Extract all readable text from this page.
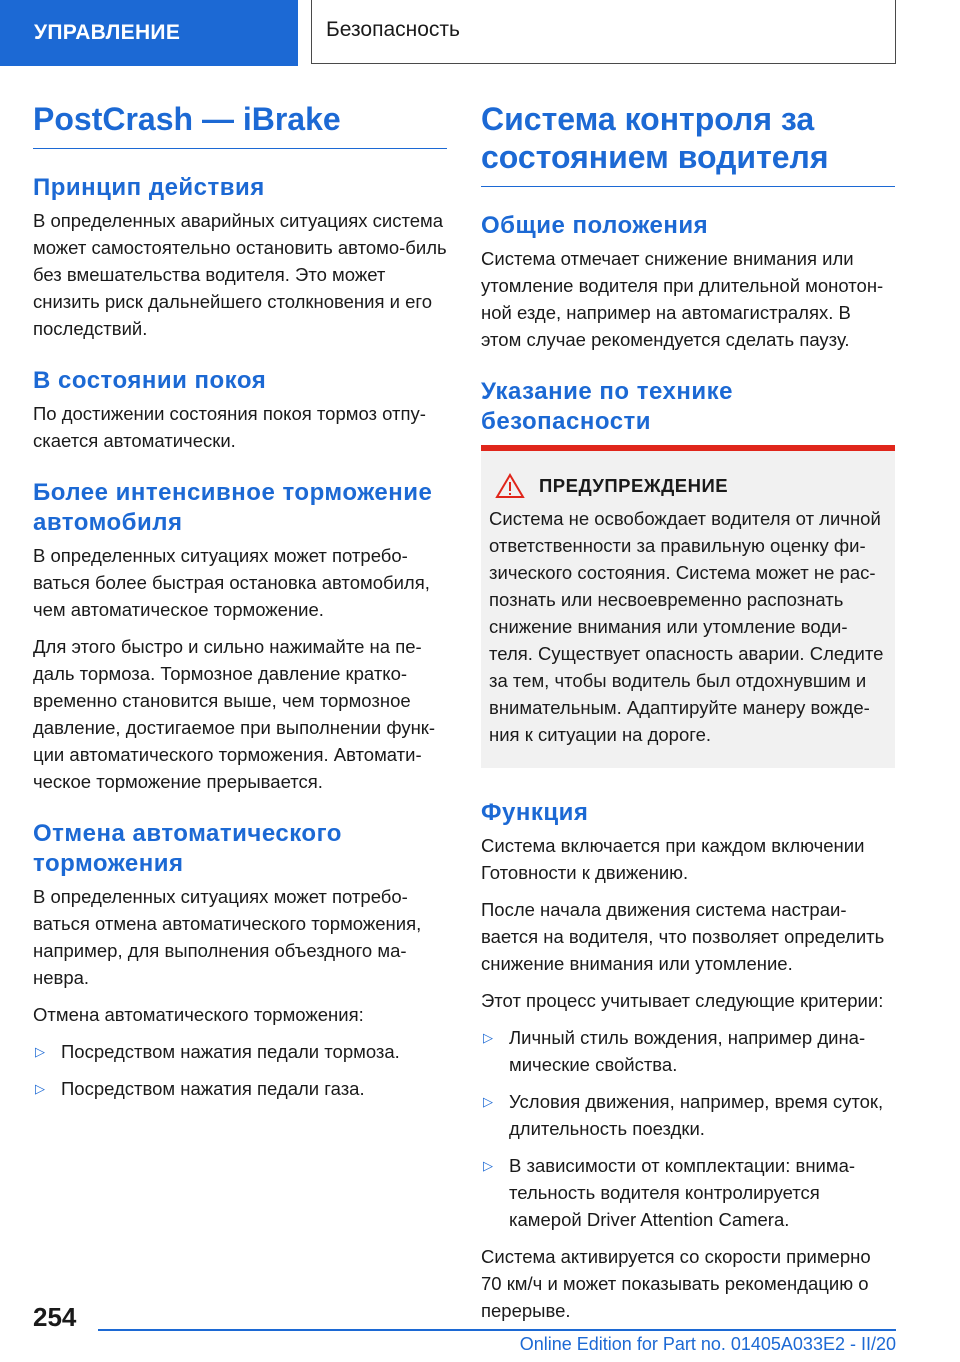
УПРАВЛЕНИЕ	Безопасность
PostCrash — iBrake
Принцип действия
В определенных аварийных ситуациях система может самостоятельно остановить автомо-биль без вмешательства водителя. Это может снизить риск дальнейшего столкновения и его последствий.
В состоянии покоя
По достижении состояния покоя тормоз отпу-скается автоматически.
Более интенсивное торможение автомобиля
В определенных ситуациях может потребо-ваться более быстрая остановка автомобиля, чем автоматическое торможение.
Для этого быстро и сильно нажимайте на пе-даль тормоза. Тормозное давление кратко-временно становится выше, чем тормозное давление, достигаемое при выполнении функ-ции автоматического торможения. Автомати-ческое торможение прерывается.
Отмена автоматического торможения
В определенных ситуациях может потребо-ваться отмена автоматического торможения, например, для выполнения объездного ма-невра.
Отмена автоматического торможения:
▷ Посредством нажатия педали тормоза.
▷ Посредством нажатия педали газа.
Система контроля за состоянием водителя
Общие положения
Система отмечает снижение внимания или утомление водителя при длительной монотон-ной езде, например на автомагистралях. В этом случае рекомендуется сделать паузу.
Указание по технике безопасности
ПРЕДУПРЕЖДЕНИЕ
Система не освобождает водителя от личной ответственности за правильную оценку фи-зического состояния. Система может не рас-познать или несвоевременно распознать снижение внимания или утомление води-теля. Существует опасность аварии. Следите за тем, чтобы водитель был отдохнувшим и внимательным. Адаптируйте манеру вожде-ния к ситуации на дороге.
Функция
Система включается при каждом включении Готовности к движению.
После начала движения система настраи-вается на водителя, что позволяет определить снижение внимания или утомление.
Этот процесс учитывает следующие критерии:
▷ Личный стиль вождения, например дина-мические свойства.
▷ Условия движения, например, время суток, длительность поездки.
▷ В зависимости от комплектации: внима-тельность водителя контролируется камерой Driver Attention Camera.
Система активируется со скорости примерно 70 км/ч и может показывать рекомендацию о перерыве.
254
Online Edition for Part no. 01405A033E2 - II/20
